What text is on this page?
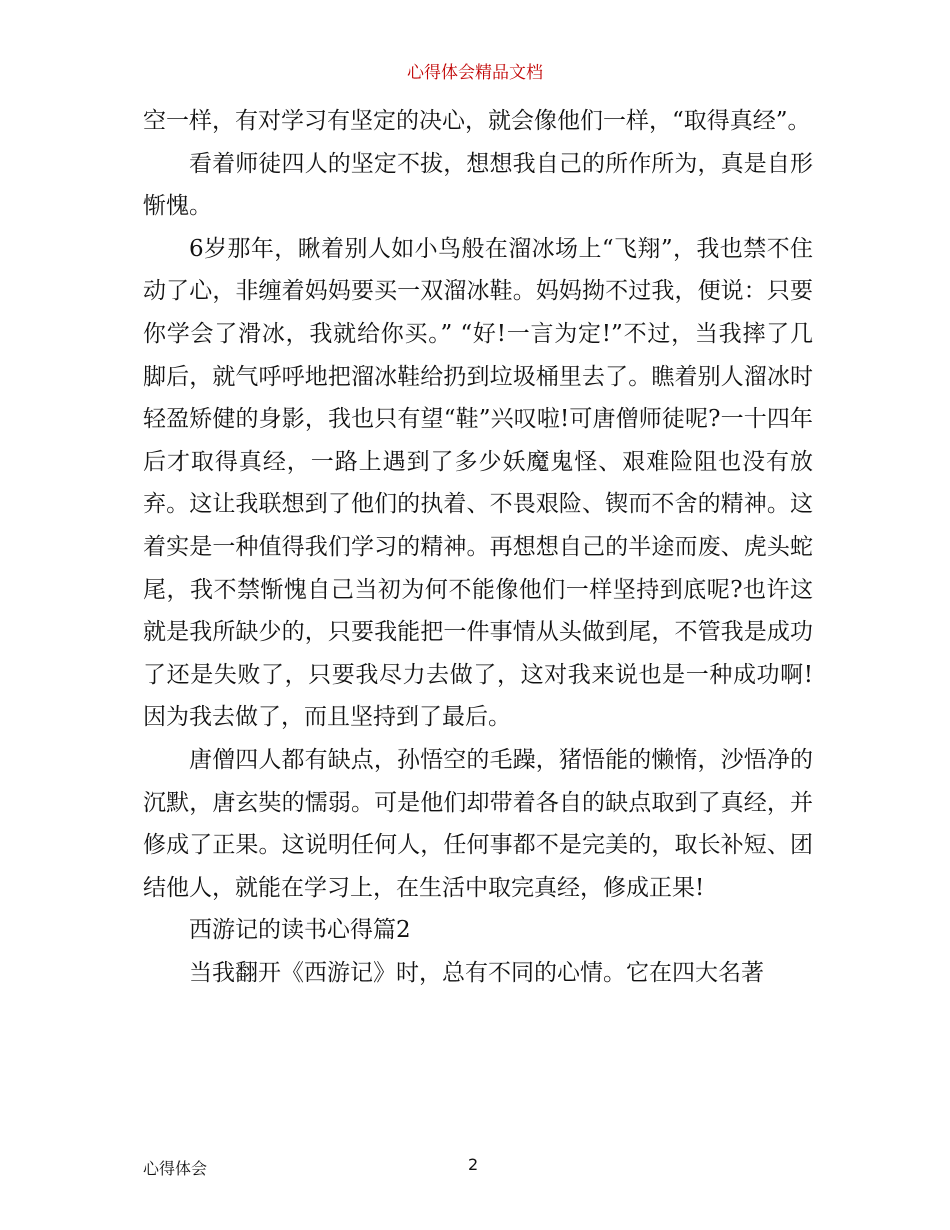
心得体会精品文档

空一样，有对学习有坚定的决心，就会像他们一样，“取得真经”。

看着师徒四人的坚定不拔，想想我自己的所作所为，真是自形惭愧。

6岁那年，瞅着别人如小鸟般在溜冰场上“飞翔”，我也禁不住动了心，非缠着妈妈要买一双溜冰鞋。妈妈拗不过我，便说：只要你学会了滑冰，我就给你买。” “好!一言为定!”不过，当我摔了几脚后，就气呼呼地把溜冰鞋给扔到垃圾桶里去了。瞧着别人溜冰时轻盈矫健的身影，我也只有望“鞋”兴叹啦!可唐僧师徒呢?一十四年后才取得真经，一路上遇到了多少妖魔鬼怪、艰难险阻也没有放弃。这让我联想到了他们的执着、不畏艰险、锲而不舍的精神。这着实是一种值得我们学习的精神。再想想自己的半途而废、虎头蛇尾，我不禁惭愧自己当初为何不能像他们一样坚持到底呢?也许这就是我所缺少的，只要我能把一件事情从头做到尾，不管我是成功了还是失败了，只要我尽力去做了，这对我来说也是一种成功啊!因为我去做了，而且坚持到了最后。

唐僧四人都有缺点，孙悟空的毛躁，猪悟能的懒惰，沙悟净的沉默，唐玄奘的懦弱。可是他们却带着各自的缺点取到了真经，并修成了正果。这说明任何人，任何事都不是完美的，取长补短、团结他人，就能在学习上，在生活中取完真经，修成正果!

西游记的读书心得篇2

当我翻开《西游记》时，总有不同的心情。它在四大名著

心得体会	2
